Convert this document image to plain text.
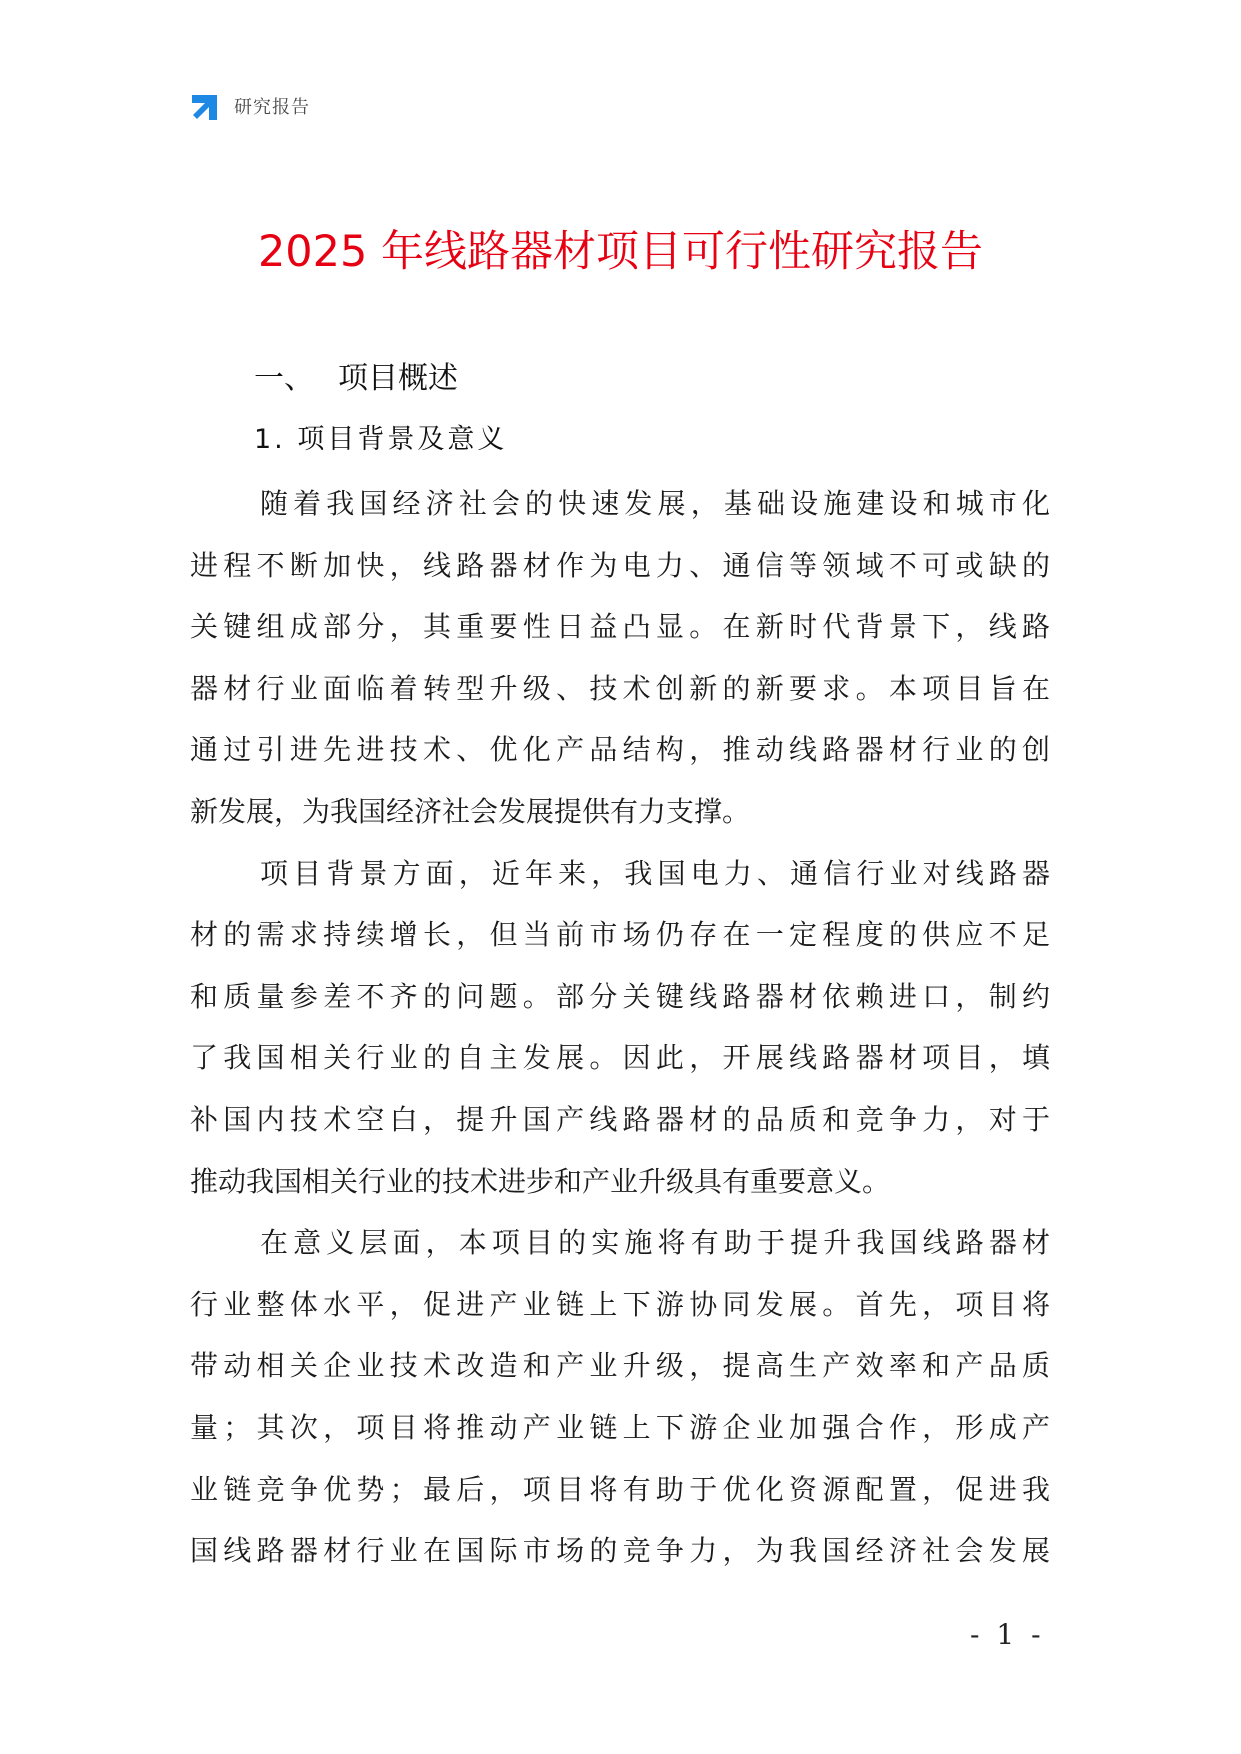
研究报告
2025 年线路器材项目可行性研究报告
一、 项目概述
1. 项目背景及意义

随着我国经济社会的快速发展，基础设施建设和城市化
进程不断加快，线路器材作为电力、通信等领域不可或缺的
关键组成部分，其重要性日益凸显。在新时代背景下，线路
器材行业面临着转型升级、技术创新的新要求。本项目旨在
通过引进先进技术、优化产品结构，推动线路器材行业的创
新发展，为我国经济社会发展提供有力支撑。

项目背景方面，近年来，我国电力、通信行业对线路器
材的需求持续增长，但当前市场仍存在一定程度的供应不足
和质量参差不齐的问题。部分关键线路器材依赖进口，制约
了我国相关行业的自主发展。因此，开展线路器材项目，填
补国内技术空白，提升国产线路器材的品质和竞争力，对于
推动我国相关行业的技术进步和产业升级具有重要意义。

在意义层面，本项目的实施将有助于提升我国线路器材
行业整体水平，促进产业链上下游协同发展。首先，项目将
带动相关企业技术改造和产业升级，提高生产效率和产品质
量；其次，项目将推动产业链上下游企业加强合作，形成产
业链竞争优势；最后，项目将有助于优化资源配置，促进我
国线路器材行业在国际市场的竞争力，为我国经济社会发展

- 1 -
